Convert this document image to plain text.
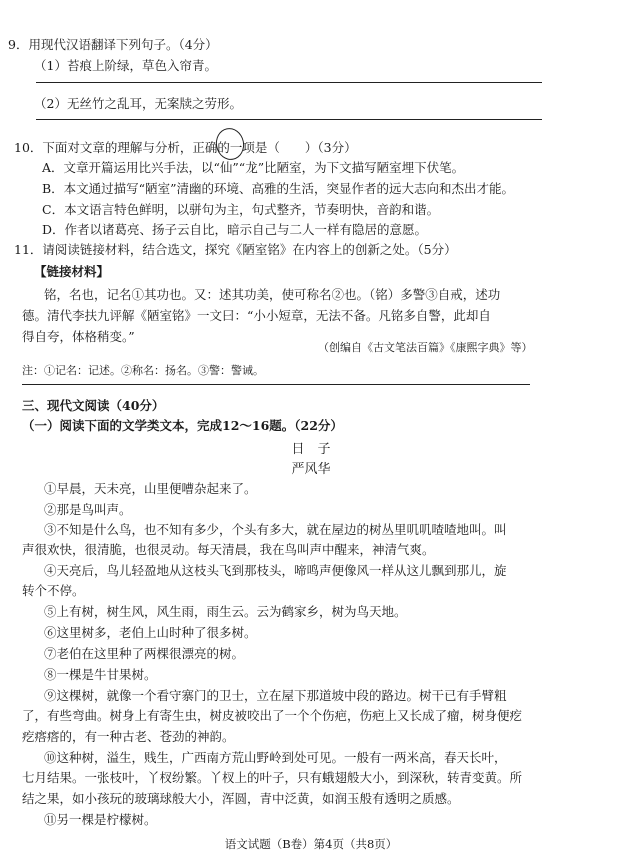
9．用现代汉语翻译下列句子。（4分）
（1）苔痕上阶绿，草色入帘青。
（2）无丝竹之乱耳，无案牍之劳形。
10．下面对文章的理解与分析，正确的一项是（　　）（3分）
A．文章开篇运用比兴手法，以“仙”“龙”比陋室，为下文描写陋室埋下伏笔。
B．本文通过描写“陋室”清幽的环境、高雅的生活，突显作者的远大志向和杰出才能。
C．本文语言特色鲜明，以骈句为主，句式整齐，节奏明快，音韵和谐。
D．作者以诸葛亮、扬子云自比，暗示自己与二人一样有隐居的意愿。
11．请阅读链接材料，结合选文，探究《陋室铭》在内容上的创新之处。（5分）
【链接材料】
铭，名也，记名①其功也。又：述其功美，使可称名②也。（铭）多警③自戒，述功
德。清代李扶九评解《陋室铭》一文曰：“小小短章，无法不备。凡铭多自警，此却自
得自夸，体格稍变。”
（创编自《古文笔法百篇》《康熙字典》等）
注：①记名：记述。②称名：扬名。③警：警诫。
三、现代文阅读（40分）
（一）阅读下面的文学类文本，完成12～16题。（22分）
日　子
严风华
①早晨，天未亮，山里便嘈杂起来了。
②那是鸟叫声。
③不知是什么鸟，也不知有多少，个头有多大，就在屋边的树丛里叽叽喳喳地叫。叫
声很欢快，很清脆，也很灵动。每天清晨，我在鸟叫声中醒来，神清气爽。
④天亮后，鸟儿轻盈地从这枝头飞到那枝头，啼鸣声便像风一样从这儿飘到那儿，旋
转个不停。
⑤上有树，树生风，风生雨，雨生云。云为鹤家乡，树为鸟天地。
⑥这里树多，老伯上山时种了很多树。
⑦老伯在这里种了两棵很漂亮的树。
⑧一棵是牛甘果树。
⑨这棵树，就像一个看守寨门的卫士，立在屋下那道坡中段的路边。树干已有手臂粗
了，有些弯曲。树身上有寄生虫，树皮被咬出了一个个伤疤，伤疤上又长成了瘤，树身便疙
疙瘩瘩的，有一种古老、苍劲的神韵。
⑩这种树，溢生，贱生，广西南方荒山野岭到处可见。一般有一两米高，春天长叶，
七月结果。一张枝叶，丫杈纷繁。丫杈上的叶子，只有蛾翅般大小，到深秋，转青变黄。所
结之果，如小孩玩的玻璃球般大小，浑圆，青中泛黄，如润玉般有透明之质感。
⑪另一棵是柠檬树。
语文试题（B卷）第4页（共8页）
